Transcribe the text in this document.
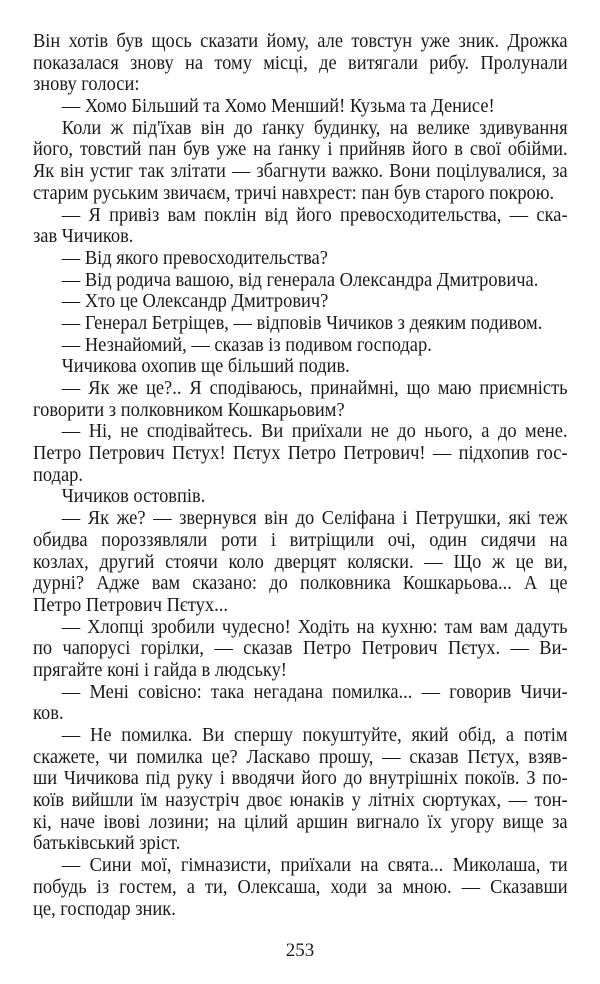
Він хотів був щось сказати йому, але товстун уже зник. Дрожка
показалася знову на тому місці, де витягали рибу. Пролунали
знову голоси:
— Хомо Більший та Хомо Менший! Кузьма та Денисе!
Коли ж під'їхав він до ґанку будинку, на велике здивування
його, товстий пан був уже на ґанку і прийняв його в свої обійми.
Як він устиг так злітати — збагнути важко. Вони поцілувалися, за
старим руським звичаєм, тричі навхрест: пан був старого покрою.
— Я привіз вам поклін від його превосходительства, — ска-
зав Чичиков.
— Від якого превосходительства?
— Від родича вашою, від генерала Олександра Дмитровича.
— Хто це Олександр Дмитрович?
— Генерал Бетріщев, — відповів Чичиков з деяким подивом.
— Незнайомий, — сказав із подивом господар.
Чичикова охопив ще більший подив.
— Як же це?.. Я сподіваюсь, принаймні, що маю приємність
говорити з полковником Кошкарьовим?
— Ні, не сподівайтесь. Ви приїхали не до нього, а до мене.
Петро Петрович Пєтух! Пєтух Петро Петрович! — підхопив гос-
подар.
Чичиков остовпів.
— Як же? — звернувся він до Селіфана і Петрушки, які теж
обидва пороззявляли роти і витріщили очі, один сидячи на
козлах, другий стоячи коло дверцят коляски. — Що ж це ви,
дурні? Адже вам сказано: до полковника Кошкарьова... А це
Петро Петрович Пєтух...
— Хлопці зробили чудесно! Ходіть на кухню: там вам дадуть
по чапорусі горілки, — сказав Петро Петрович Пєтух. — Ви-
прягайте коні і гайда в людську!
— Мені совісно: така негадана помилка... — говорив Чичи-
ков.
— Не помилка. Ви спершу покуштуйте, який обід, а потім
скажете, чи помилка це? Ласкаво прошу, — сказав Пєтух, взяв-
ши Чичикова під руку і вводячи його до внутрішніх покоїв. З по-
коїв вийшли їм назустріч двоє юнаків у літніх сюртуках, — тон-
кі, наче івові лозини; на цілий аршин вигнало їх угору вище за
батьківський зріст.
— Сини мої, гімназисти, приїхали на свята... Миколаша, ти
побудь із гостем, а ти, Олексаша, ходи за мною. — Сказавши
це, господар зник.
253
